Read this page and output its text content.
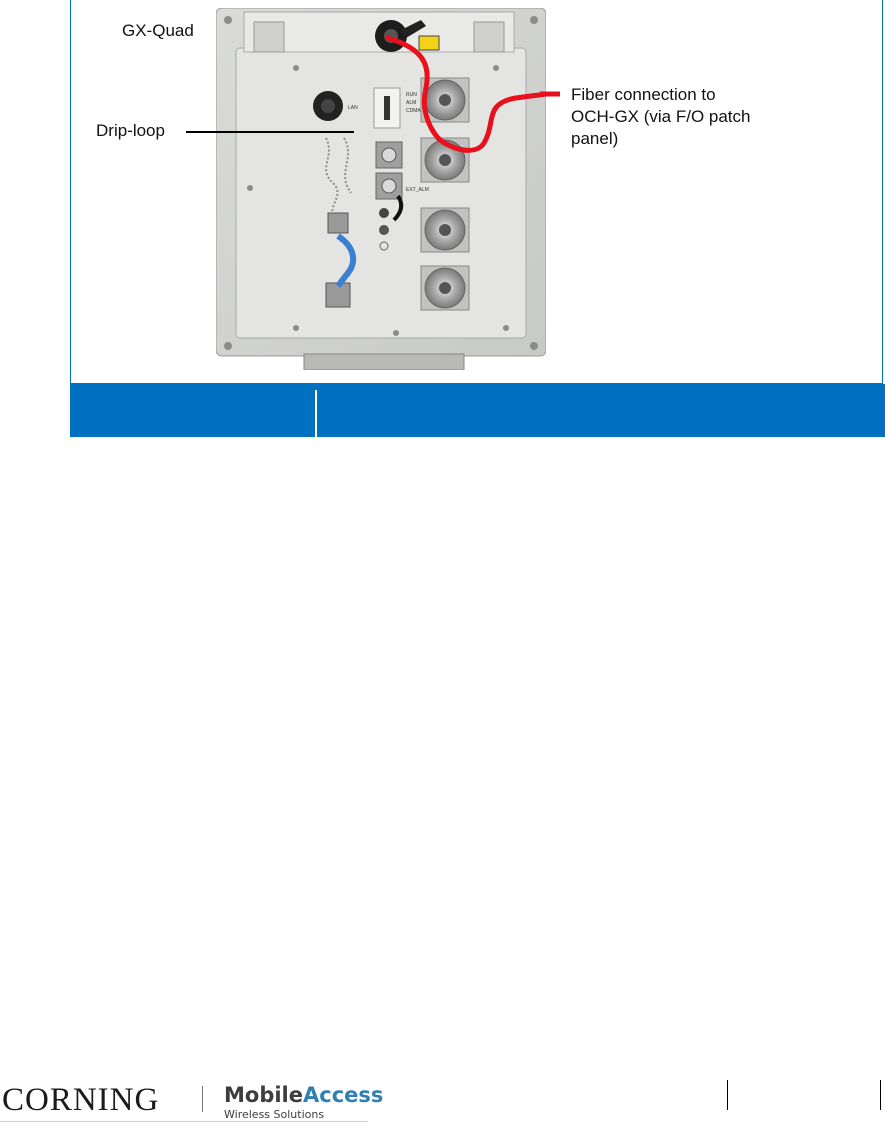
LAN
RUN
ALM
CDMA
EXT_ALM
GX-Quad
Drip-loop
Fiber connection to
OCH-GX (via F/O patch
panel)
CORNING	MobileAccess
Wireless Solutions
